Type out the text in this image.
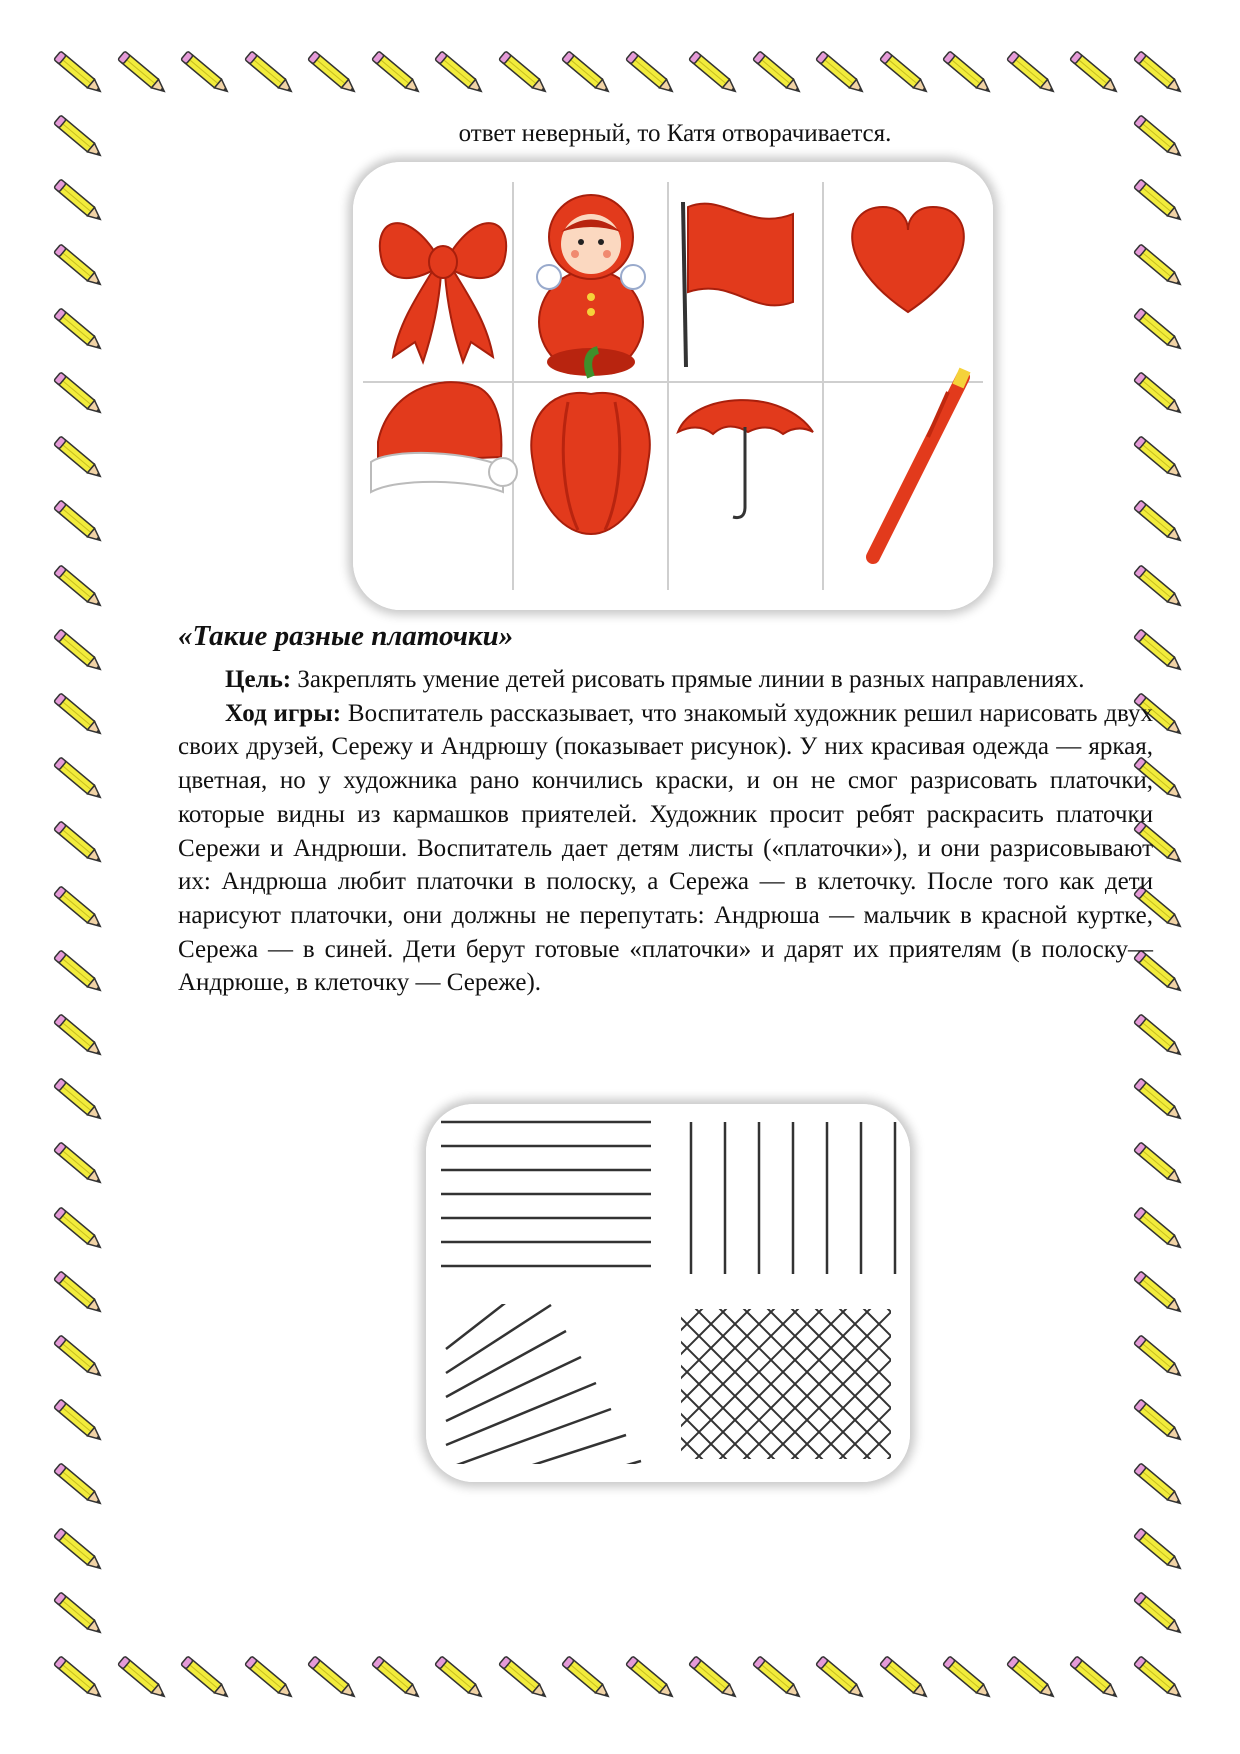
ответ неверный, то Катя отворачивается.
«Такие разные платочки»

Цель: Закреплять умение детей рисовать прямые линии в разных направлениях.

Ход игры: Воспитатель рассказывает, что знакомый художник решил нарисовать двух своих друзей, Сережу и Андрюшу (показывает рисунок). У них красивая одежда — яркая, цветная, но у художника рано кончились краски, и он не смог разрисовать платочки, которые видны из кармашков приятелей. Художник просит ребят раскрасить платочки Сережи и Андрюши. Воспитатель дает детям листы («платочки»), и они разрисовывают их: Андрюша любит платочки в полоску, а Сережа — в клеточку. После того как дети нарисуют платочки, они должны не перепутать: Андрюша — мальчик в красной куртке, Сережа — в синей. Дети берут готовые «платочки» и дарят их приятелям (в полоску—Андрюше, в клеточку — Сереже).
